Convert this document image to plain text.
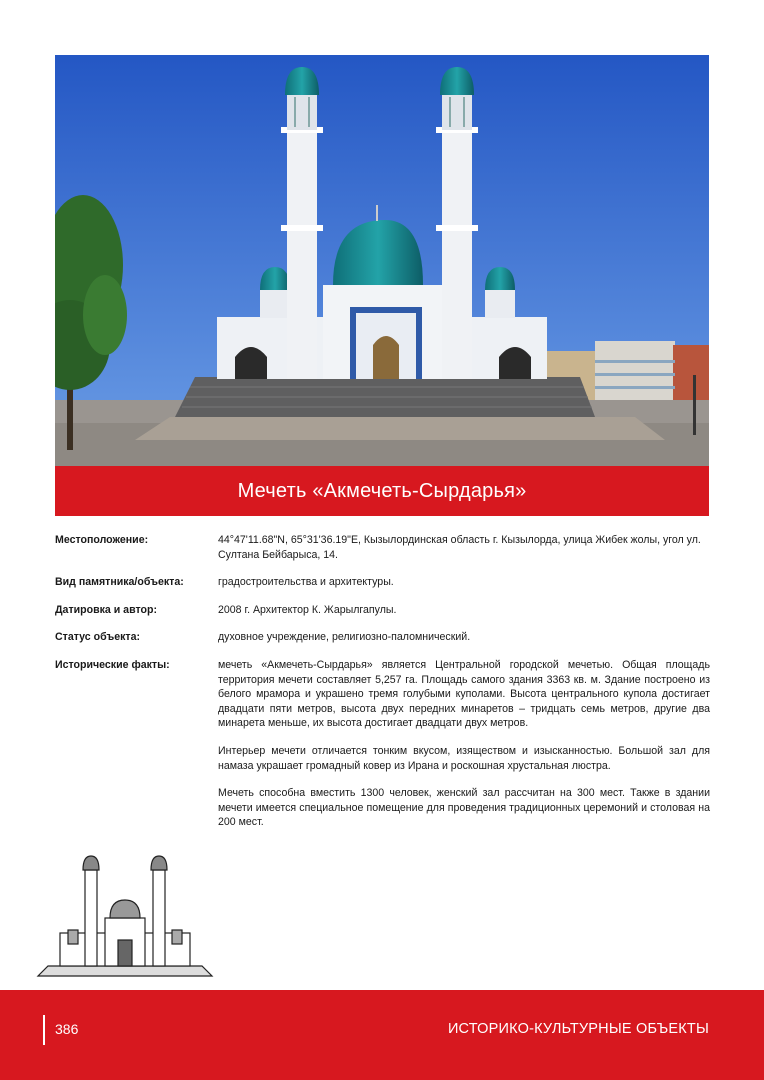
Мечеть «Акмечеть-Сырдарья»
Местоположение:	44°47'11.68"N, 65°31'36.19"E, Кызылординская область г. Кызылорда, улица Жибек жолы, угол ул. Султана Бейбарыса, 14.
Вид памятника/объекта:	градостроительства и архитектуры.
Датировка и автор:	2008 г. Архитектор К. Жарылгапулы.
Статус объекта:	духовное учреждение, религиозно-паломнический.
Исторические факты:	мечеть «Акмечеть-Сырдарья» является Центральной городской мечетью. Общая площадь территория мечети составляет 5,257 га. Площадь самого здания 3363 кв. м. Здание построено из белого мрамора и украшено тремя голубыми куполами. Высота центрального купола достигает двадцати пяти метров, высота двух передних минаретов – тридцать семь метров, другие два минарета меньше, их высота достигает двадцати двух метров.

Интерьер мечети отличается тонким вкусом, изяществом и изысканностью. Большой зал для намаза украшает громадный ковер из Ирана и роскошная хрустальная люстра.

Мечеть способна вместить 1300 человек, женский зал рассчитан на 300 мест. Также в здании мечети имеется специальное помещение для проведения традиционных церемоний и столовая на 200 мест.

386	ИСТОРИКО-КУЛЬТУРНЫЕ ОБЪЕКТЫ
